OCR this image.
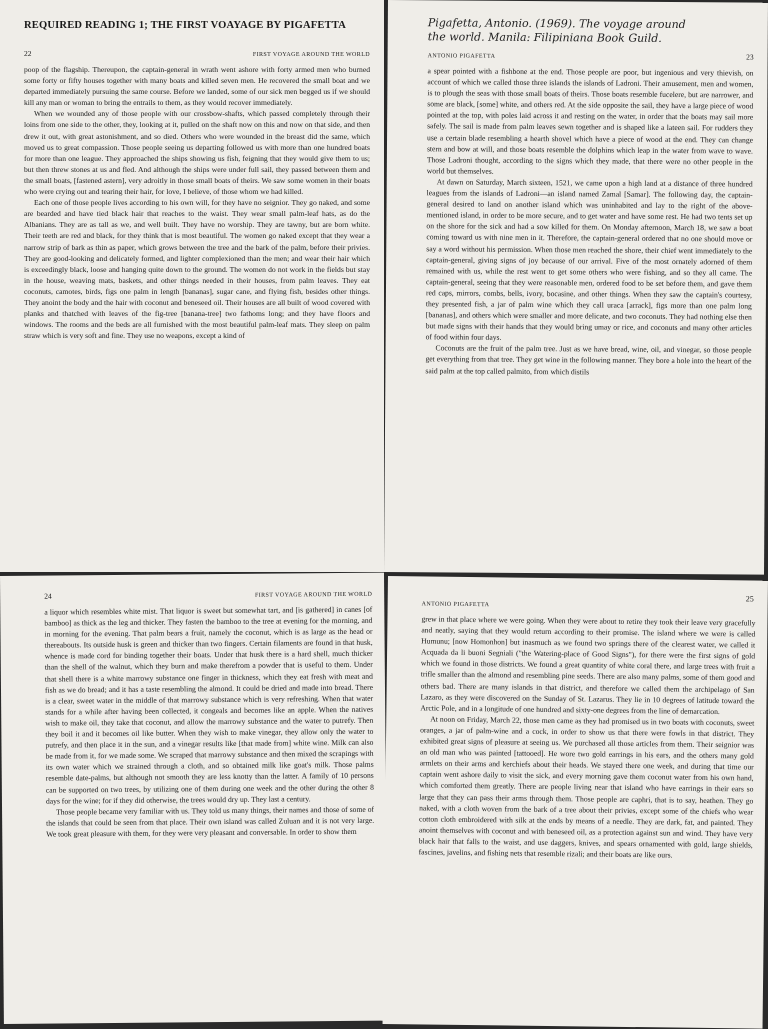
REQUIRED READING 1; THE FIRST VOAYAGE BY PIGAFETTA
22	FIRST VOYAGE AROUND THE WORLD

poop of the flagship. Thereupon, the captain-general in wrath went ashore with forty armed men who burned some forty or fifty houses together with many boats and killed seven men. He recovered the small boat and we departed immediately pursuing the same course. Before we landed, some of our sick men begged us if we should kill any man or woman to bring the entrails to them, as they would recover immediately.

When we wounded any of those people with our crossbow-shafts, which passed completely through their loins from one side to the other, they, looking at it, pulled on the shaft now on this and now on that side, and then drew it out, with great astonishment, and so died. Others who were wounded in the breast did the same, which moved us to great compassion. Those people seeing us departing followed us with more than one hundred boats for more than one league. They approached the ships showing us fish, feigning that they would give them to us; but then threw stones at us and fled. And although the ships were under full sail, they passed between them and the small boats, [fastened astern], very adroitly in those small boats of theirs. We saw some women in their boats who were crying out and tearing their hair, for love, I believe, of those whom we had killed.

Each one of those people lives according to his own will, for they have no seignior. They go naked, and some are bearded and have tied black hair that reaches to the waist. They wear small palm-leaf hats, as do the Albanians. They are as tall as we, and well built. They have no worship. They are tawny, but are born white. Their teeth are red and black, for they think that is most beautiful. The women go naked except that they wear a narrow strip of bark as thin as paper, which grows between the tree and the bark of the palm, before their privies. They are good-looking and delicately formed, and lighter complexioned than the men; and wear their hair which is exceedingly black, loose and hanging quite down to the ground. The women do not work in the fields but stay in the house, weaving mats, baskets, and other things needed in their houses, from palm leaves. They eat coconuts, camotes, birds, figs one palm in length [bananas], sugar cane, and flying fish, besides other things. They anoint the body and the hair with coconut and beneseed oil. Their houses are all built of wood covered with planks and thatched with leaves of the fig-tree [banana-tree] two fathoms long; and they have floors and windows. The rooms and the beds are all furnished with the most beautiful palm-leaf mats. They sleep on palm straw which is very soft and fine. They use no weapons, except a kind of

Pigafetta, Antonio. (1969). The voyage around
the world. Manila: Filipiniana Book Guild.
ANTONIO PIGAFETTA	23

a spear pointed with a fishbone at the end. Those people are poor, but ingenious and very thievish, on account of which we called those three islands the islands of Ladroni. Their amusement, men and women, is to plough the seas with those small boats of theirs. Those boats resemble fucelere, but are narrower, and some are black, [some] white, and others red. At the side opposite the sail, they have a large piece of wood pointed at the top, with poles laid across it and resting on the water, in order that the boats may sail more safely. The sail is made from palm leaves sewn together and is shaped like a lateen sail. For rudders they use a certain blade resembling a hearth shovel which have a piece of wood at the end. They can change stern and bow at will, and those boats resemble the dolphins which leap in the water from wave to wave. Those Ladroni thought, according to the signs which they made, that there were no other people in the world but themselves.

At dawn on Saturday, March sixteen, 1521, we came upon a high land at a distance of three hundred leagues from the islands of Ladroni—an island named Zamal [Samar]. The following day, the captain-general desired to land on another island which was uninhabited and lay to the right of the above-mentioned island, in order to be more secure, and to get water and have some rest. He had two tents set up on the shore for the sick and had a sow killed for them. On Monday afternoon, March 18, we saw a boat coming toward us with nine men in it. Therefore, the captain-general ordered that no one should move or say a word without his permission. When those men reached the shore, their chief went immediately to the captain-general, giving signs of joy because of our arrival. Five of the most ornately adorned of them remained with us, while the rest went to get some others who were fishing, and so they all came. The captain-general, seeing that they were reasonable men, ordered food to be set before them, and gave them red caps, mirrors, combs, bells, ivory, bocasine, and other things. When they saw the captain's courtesy, they presented fish, a jar of palm wine which they call uraca [arrack], figs more than one palm long [bananas], and others which were smaller and more delicate, and two coconuts. They had nothing else then but made signs with their hands that they would bring umay or rice, and coconuts and many other articles of food within four days.

Coconuts are the fruit of the palm tree. Just as we have bread, wine, oil, and vinegar, so those people get everything from that tree. They get wine in the following manner. They bore a hole into the heart of the said palm at the top called palmito, from which distils

24	FIRST VOYAGE AROUND THE WORLD

a liquor which resembles white mist. That liquor is sweet but somewhat tart, and [is gathered] in canes [of bamboo] as thick as the leg and thicker. They fasten the bamboo to the tree at evening for the morning, and in morning for the evening. That palm bears a fruit, namely the coconut, which is as large as the head or thereabouts. Its outside husk is green and thicker than two fingers. Certain filaments are found in that husk, whence is made cord for binding together their boats. Under that husk there is a hard shell, much thicker than the shell of the walnut, which they burn and make therefrom a powder that is useful to them. Under that shell there is a white marrowy substance one finger in thickness, which they eat fresh with meat and fish as we do bread; and it has a taste resembling the almond. It could be dried and made into bread. There is a clear, sweet water in the middle of that marrowy substance which is very refreshing. When that water stands for a while after having been collected, it congeals and becomes like an apple. When the natives wish to make oil, they take that coconut, and allow the marrowy substance and the water to putrefy. Then they boil it and it becomes oil like butter. When they wish to make vinegar, they allow only the water to putrefy, and then place it in the sun, and a vinegar results like [that made from] white wine. Milk can also be made from it, for we made some. We scraped that marrowy substance and then mixed the scrapings with its own water which we strained through a cloth, and so obtained milk like goat's milk. Those palms resemble date-palms, but although not smooth they are less knotty than the latter. A family of 10 persons can be supported on two trees, by utilizing one of them during one week and the other during the other 8 days for the wine; for if they did otherwise, the trees would dry up. They last a century.

Those people became very familiar with us. They told us many things, their names and those of some of the islands that could be seen from that place. Their own island was called Zuluan and it is not very large. We took great pleasure with them, for they were very pleasant and conversable. In order to show them

25
ANTONIO PIGAFETTA

grew in that place where we were going. When they were about to retire they took their leave very gracefully and neatly, saying that they would return according to their promise. The island where we were is called Humunu; [now Homonhon] but inasmuch as we found two springs there of the clearest water, we called it Acquada da li buoni Segniali ("the Watering-place of Good Signs"), for there were the first signs of gold which we found in those districts. We found a great quantity of white coral there, and large trees with fruit a trifle smaller than the almond and resembling pine seeds. There are also many palms, some of them good and others bad. There are many islands in that district, and therefore we called them the archipelago of San Lazaro, as they were discovered on the Sunday of St. Lazarus. They lie in 10 degrees of latitude toward the Arctic Pole, and in a longitude of one hundred and sixty-one degrees from the line of demarcation.

At noon on Friday, March 22, those men came as they had promised us in two boats with coconuts, sweet oranges, a jar of palm-wine and a cock, in order to show us that there were fowls in that district. They exhibited great signs of pleasure at seeing us. We purchased all those articles from them. Their seignior was an old man who was painted [tattooed]. He wore two gold earrings in his ears, and the others many gold armlets on their arms and kerchiefs about their heads. We stayed there one week, and during that time our captain went ashore daily to visit the sick, and every morning gave them coconut water from his own hand, which comforted them greatly. There are people living near that island who have earrings in their ears so large that they can pass their arms through them. Those people are caphri, that is to say, heathen. They go naked, with a cloth woven from the bark of a tree about their privies, except some of the chiefs who wear cotton cloth embroidered with silk at the ends by means of a needle. They are dark, fat, and painted. They anoint themselves with coconut and with beneseed oil, as a protection against sun and wind. They have very black hair that falls to the waist, and use daggers, knives, and spears ornamented with gold, large shields, fascines, javelins, and fishing nets that resemble rizali; and their boats are like ours.
